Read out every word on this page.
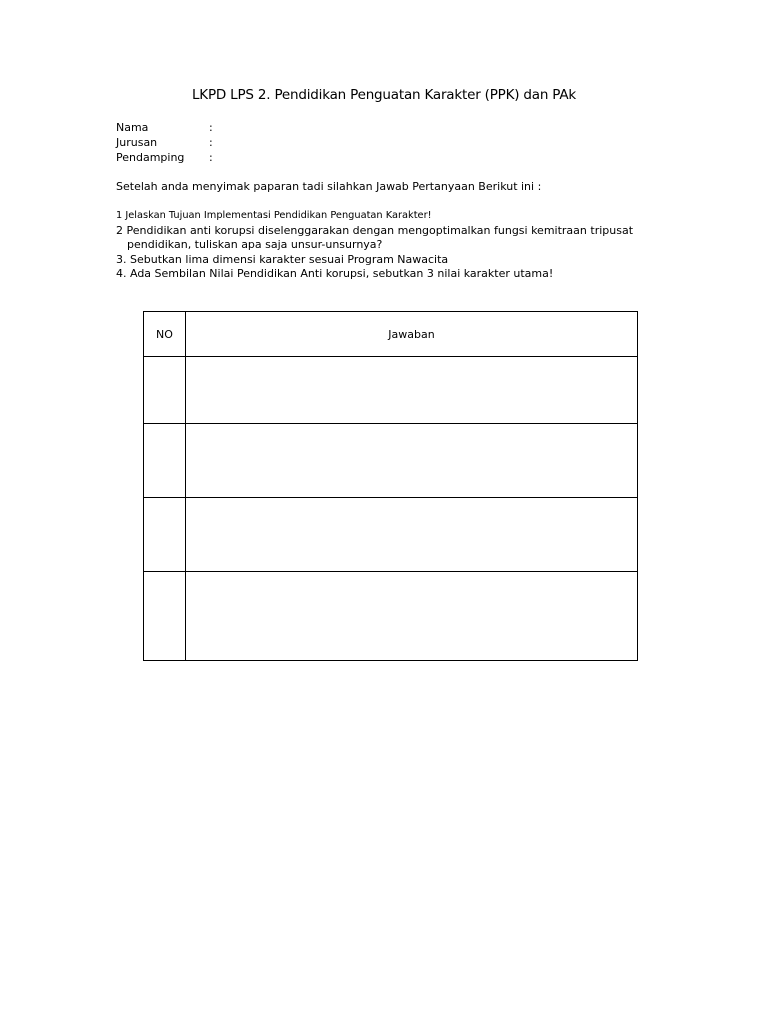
LKPD LPS 2. Pendidikan Penguatan Karakter (PPK) dan PAk
Nama	:
Jurusan	:
Pendamping :
Setelah anda menyimak paparan tadi silahkan Jawab Pertanyaan Berikut ini :
1 Jelaskan Tujuan Implementasi Pendidikan Penguatan Karakter!
2 Pendidikan anti korupsi diselenggarakan dengan mengoptimalkan fungsi kemitraan tripusat
pendidikan, tuliskan apa saja unsur-unsurnya?
3. Sebutkan lima dimensi karakter sesuai Program Nawacita
4. Ada Sembilan Nilai Pendidikan Anti korupsi, sebutkan 3 nilai karakter utama!
NO	Jawaban
